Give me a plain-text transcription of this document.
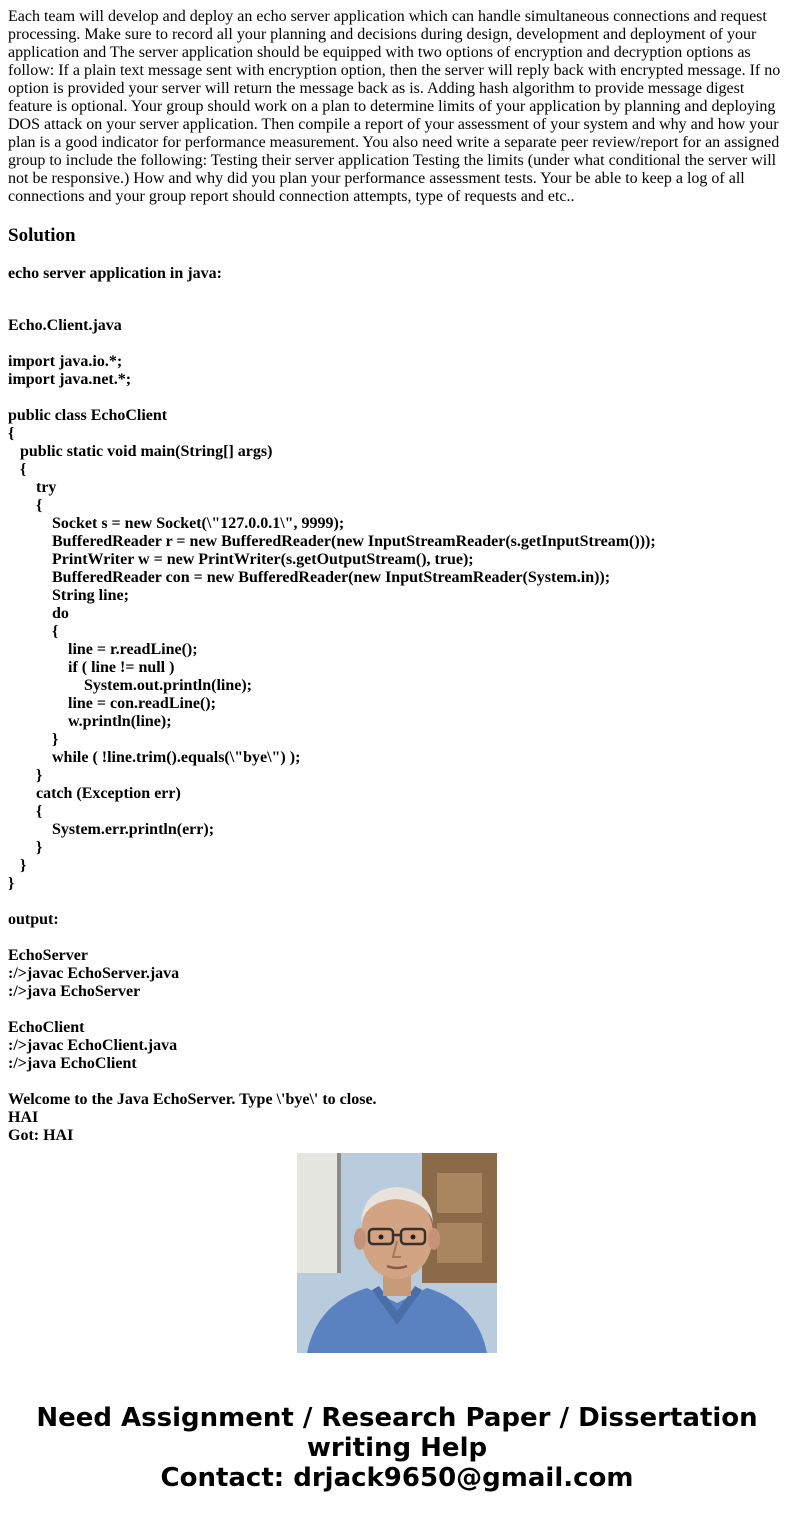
Each team will develop and deploy an echo server application which can handle simultaneous connections and request processing. Make sure to record all your planning and decisions during design, development and deployment of your application and The server application should be equipped with two options of encryption and decryption options as follow: If a plain text message sent with encryption option, then the server will reply back with encrypted message. If no option is provided your server will return the message back as is. Adding hash algorithm to provide message digest feature is optional. Your group should work on a plan to determine limits of your application by planning and deploying DOS attack on your server application. Then compile a report of your assessment of your system and why and how your plan is a good indicator for performance measurement. You also need write a separate peer review/report for an assigned group to include the following: Testing their server application Testing the limits (under what conditional the server will not be responsive.) How and why did you plan your performance assessment tests. Your be able to keep a log of all connections and your group report should connection attempts, type of requests and etc..

Solution

echo server application in java:

Echo.Client.java

import java.io.*;
import java.net.*;

public class EchoClient
{
public static void main(String[] args)
{
try
{
Socket s = new Socket(\"127.0.0.1\", 9999);
BufferedReader r = new BufferedReader(new InputStreamReader(s.getInputStream()));
PrintWriter w = new PrintWriter(s.getOutputStream(), true);
BufferedReader con = new BufferedReader(new InputStreamReader(System.in));
String line;
do
{
line = r.readLine();
if ( line != null )
System.out.println(line);
line = con.readLine();
w.println(line);
}
while ( !line.trim().equals(\"bye\") );
}
catch (Exception err)
{
System.err.println(err);
}
}
}

output:

EchoServer
:/>javac EchoServer.java
:/>java EchoServer

EchoClient
:/>javac EchoClient.java
:/>java EchoClient

Welcome to the Java EchoServer. Type \'bye\' to close.
HAI
Got: HAI
Need Assignment / Research Paper / Dissertation
writing Help
Contact: drjack9650@gmail.com
